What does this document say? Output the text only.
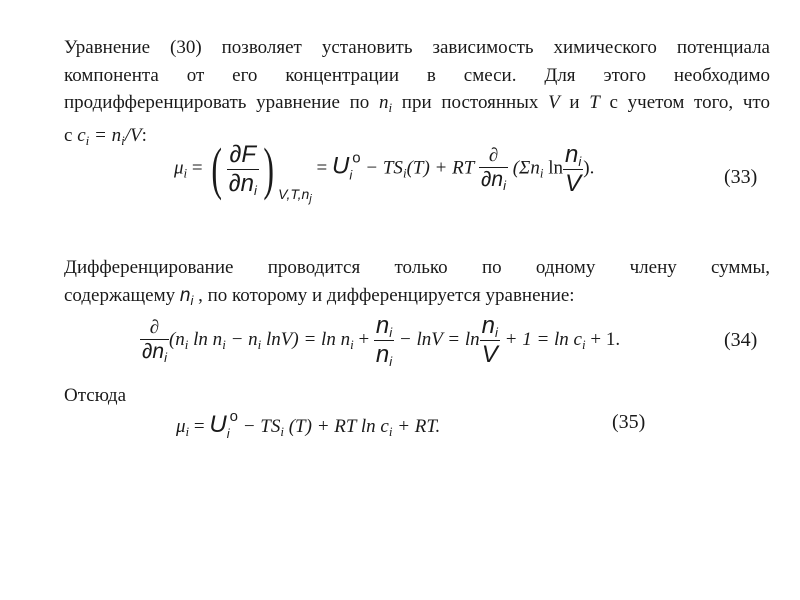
Уравнение (30) позволяет установить зависимость химического потенциала
компонента от его концентрации в смеси. Для этого необходимо
продифференцировать уравнение по $n_i$ при постоянных V и T с учетом того, что
с $c_i = n_i/V$:
$\mu_i$ = ( $\frac{\partial F}{\partial n_i}$ ) $_{V,T,n_j} = U_i^o - TS_i(T)$ + RT $\frac{\partial}{\partial n_i} (\Sigma n_i$ $\ln \frac{n_i}{V}$ ).	(33)
Дифференцирование проводится только по одному члену суммы,
содержащему $n_i$ , по которому и дифференцируется уравнение:
$\frac{\partial}{\partial n_i} (n_i$ $\ln n_i - n_i$ $\ln V) = \ln n_i + \frac{n_i}{n_i} - \ln V = \ln \frac{n_i}{V} + 1 = \ln c_i + 1$.	(34)
Отсюда
$\mu_i = U_i^o - TS_i$ (T) + RT $\ln c_i$ + RT.	(35)
